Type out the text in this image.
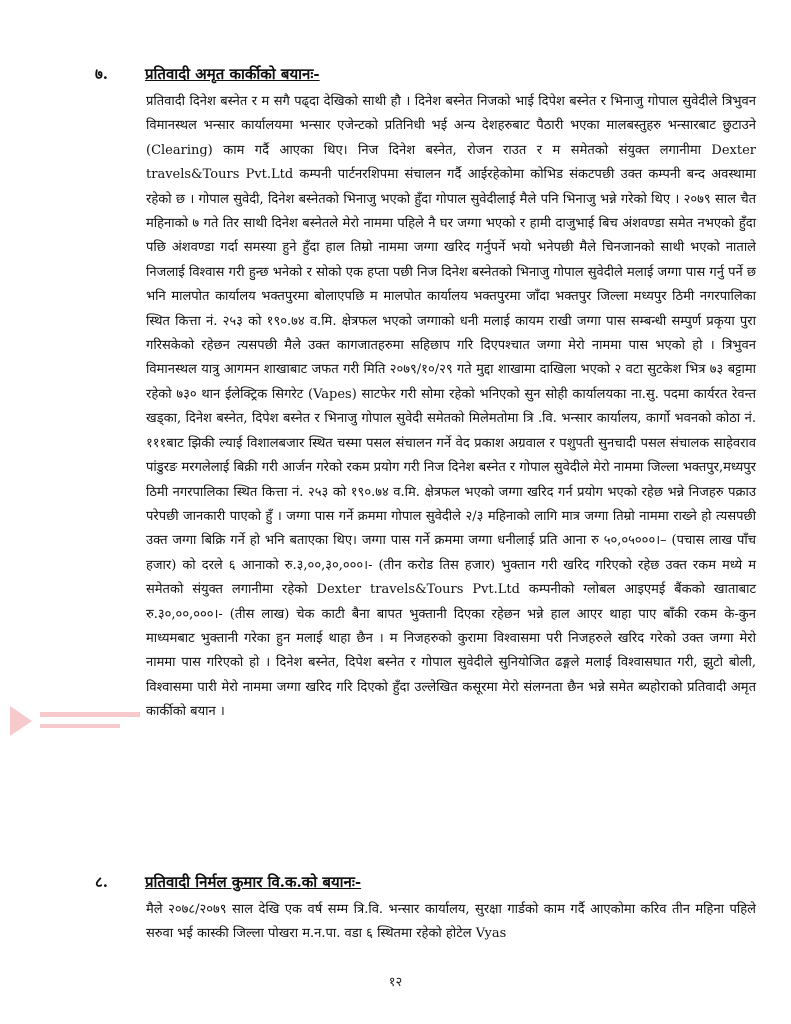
७.	प्रतिवादी अमृत कार्कीको बयानः-

प्रतिवादी दिनेश बस्नेत र म सगै पढ्दा देखिको साथी हौ । दिनेश बस्नेत निजको भाई दिपेश बस्नेत र भिनाजु गोपाल सुवेदीले त्रिभुवन विमानस्थल भन्सार कार्यालयमा भन्सार एजेन्टको प्रतिनिधी भई अन्य देशहरुबाट पैठारी भएका मालबस्तुहरु भन्सारबाट छुटाउने (Clearing) काम गर्दै आएका थिए। निज दिनेश बस्नेत, रोजन राउत र म समेतको संयुक्त लगानीमा Dexter travels&Tours Pvt.Ltd कम्पनी पार्टनरशिपमा संचालन गर्दै आईरहेकोमा कोभिड संकटपछी उक्त कम्पनी बन्द अवस्थामा रहेको छ । गोपाल सुवेदी, दिनेश बस्नेतको भिनाजु भएको हुँदा गोपाल सुवेदीलाई मैले पनि भिनाजु भन्ने गरेको थिए । २०७९ साल चैत महिनाको ७ गते तिर साथी दिनेश बस्नेतले मेरो नाममा पहिले नै घर जग्गा भएको र हामी दाजुभाई बिच अंशवण्डा समेत नभएको हुँदा पछि अंशवण्डा गर्दा समस्या हुने हुँदा हाल तिम्रो नाममा जग्गा खरिद गर्नुपर्ने भयो भनेपछी मैले चिनजानको साथी भएको नाताले निजलाई विश्वास गरी हुन्छ भनेको र सोको एक हप्ता पछी निज दिनेश बस्नेतको भिनाजु गोपाल सुवेदीले मलाई जग्गा पास गर्नु पर्ने छ भनि मालपोत कार्यालय भक्तपुरमा बोलाएपछि म मालपोत कार्यालय भक्तपुरमा जाँदा भक्तपुर जिल्ला मध्यपुर ठिमी नगरपालिका स्थित कित्ता नं. २५३ को १९०.७४ व.मि. क्षेत्रफल भएको जग्गाको धनी मलाई कायम राखी जग्गा पास सम्बन्धी सम्पुर्ण प्रकृया पुरा गरिसकेको रहेछन त्यसपछी मैले उक्त कागजातहरुमा सहिछाप गरि दिएपश्चात जग्गा मेरो नाममा पास भएको हो । त्रिभुवन विमानस्थल यात्रु आगमन शाखाबाट जफत गरी मिति २०७९/१०/२९ गते मुद्दा शाखामा दाखिला भएको २ वटा सुटकेश भित्र ७३ बट्टामा रहेको ७३० थान ईलेक्ट्रिक सिगरेट (Vapes) साटफेर गरी सोमा रहेको भनिएको सुन सोही कार्यालयका ना.सु. पदमा कार्यरत रेवन्त खड्का, दिनेश बस्नेत, दिपेश बस्नेत र भिनाजु गोपाल सुवेदी समेतको मिलेमतोमा त्रि .वि. भन्सार कार्यालय, कार्गो भवनको कोठा नं. १११बाट झिकी ल्याई विशालबजार स्थित चस्मा पसल संचालन गर्ने वेद प्रकाश अग्रवाल र पशुपती सुनचादी पसल संचालक साहेवराव पांडुरङ मरगलेलाई बिक्री गरी आर्जन गरेको रकम प्रयोग गरी निज दिनेश बस्नेत र गोपाल सुवेदीले मेरो नाममा जिल्ला भक्तपुर,मध्यपुर ठिमी नगरपालिका स्थित कित्ता नं. २५३ को १९०.७४ व.मि. क्षेत्रफल भएको जग्गा खरिद गर्न प्रयोग भएको रहेछ भन्ने निजहरु पक्राउ परेपछी जानकारी पाएको हुँ । जग्गा पास गर्ने क्रममा गोपाल सुवेदीले २/३ महिनाको लागि मात्र जग्गा तिम्रो नाममा राख्ने हो त्यसपछी उक्त जग्गा बिक्रि गर्ने हो भनि बताएका थिए। जग्गा पास गर्ने क्रममा जग्गा धनीलाई प्रति आना रु ५०,०५०००।– (पचास लाख पाँच हजार) को दरले ६ आनाको रु.३,००,३०,०००।- (तीन करोड तिस हजार) भुक्तान गरी खरिद गरिएको रहेछ उक्त रकम मध्ये म समेतको संयुक्त लगानीमा रहेको Dexter travels&Tours Pvt.Ltd कम्पनीको ग्लोबल आइएमई बैंकको खाताबाट रु.३०,००,०००।- (तीस लाख) चेक काटी बैना बापत भुक्तानी दिएका रहेछन भन्ने हाल आएर थाहा पाए बाँकी रकम के-कुन माध्यमबाट भुक्तानी गरेका हुन मलाई थाहा छैन । म निजहरुको कुरामा विश्वासमा परी निजहरुले खरिद गरेको उक्त जग्गा मेरो नाममा पास गरिएको हो । दिनेश बस्नेत, दिपेश बस्नेत र गोपाल सुवेदीले सुनियोजित ढङ्गले मलाई विश्वासघात गरी, झुटो बोली, विश्वासमा पारी मेरो नाममा जग्गा खरिद गरि दिएको हुँदा उल्लेखित कसूरमा मेरो संलग्नता छैन भन्ने समेत ब्यहोराको प्रतिवादी अमृत कार्कीको बयान ।

८.	प्रतिवादी निर्मल कुमार वि.क.को बयानः-

मैले २०७८/२०७९ साल देखि एक वर्ष सम्म त्रि.वि. भन्सार कार्यालय, सुरक्षा गार्डको काम गर्दै आएकोमा करिव तीन महिना पहिले सरुवा भई कास्की जिल्ला पोखरा म.न.पा. वडा ६ स्थितमा रहेको होटेल Vyas

१२
